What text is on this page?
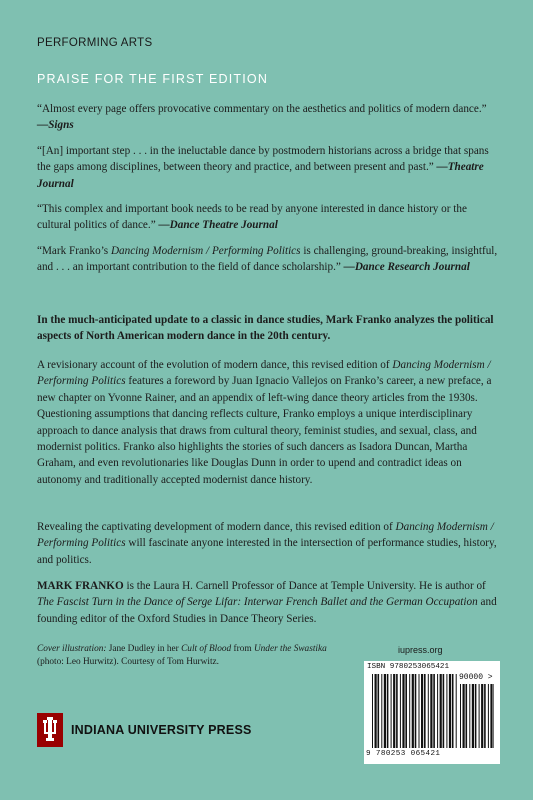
PERFORMING ARTS
PRAISE FOR THE FIRST EDITION

“Almost every page offers provocative commentary on the aesthetics and politics of modern dance.” —Signs

“[An] important step . . . in the ineluctable dance by postmodern historians across a bridge that spans the gaps among disciplines, between theory and practice, and between present and past.” —Theatre Journal

“This complex and important book needs to be read by anyone interested in dance history or the cultural politics of dance.” —Dance Theatre Journal

“Mark Franko’s Dancing Modernism / Performing Politics is challenging, ground-breaking, insightful, and . . . an important contribution to the field of dance scholarship.” —Dance Research Journal

In the much-anticipated update to a classic in dance studies, Mark Franko analyzes the political aspects of North American modern dance in the 20th century.

A revisionary account of the evolution of modern dance, this revised edition of Dancing Modernism / Performing Politics features a foreword by Juan Ignacio Vallejos on Franko’s career, a new preface, a new chapter on Yvonne Rainer, and an appendix of left-wing dance theory articles from the 1930s. Questioning assumptions that dancing reflects culture, Franko employs a unique interdisciplinary approach to dance analysis that draws from cultural theory, feminist studies, and sexual, class, and modernist politics. Franko also highlights the stories of such dancers as Isadora Duncan, Martha Graham, and even revolutionaries like Douglas Dunn in order to upend and contradict ideas on autonomy and traditionally accepted modernist dance history.

Revealing the captivating development of modern dance, this revised edition of Dancing Modernism / Performing Politics will fascinate anyone interested in the intersection of performance studies, history, and politics.

MARK FRANKO is the Laura H. Carnell Professor of Dance at Temple University. He is author of The Fascist Turn in the Dance of Serge Lifar: Interwar French Ballet and the German Occupation and founding editor of the Oxford Studies in Dance Theory Series.

Cover illustration: Jane Dudley in her Cult of Blood from Under the Swastika (photo: Leo Hurwitz). Courtesy of Tom Hurwitz.
iupress.org
ISBN 9780253065421
90000 >
9 780253 065421
INDIANA UNIVERSITY PRESS
